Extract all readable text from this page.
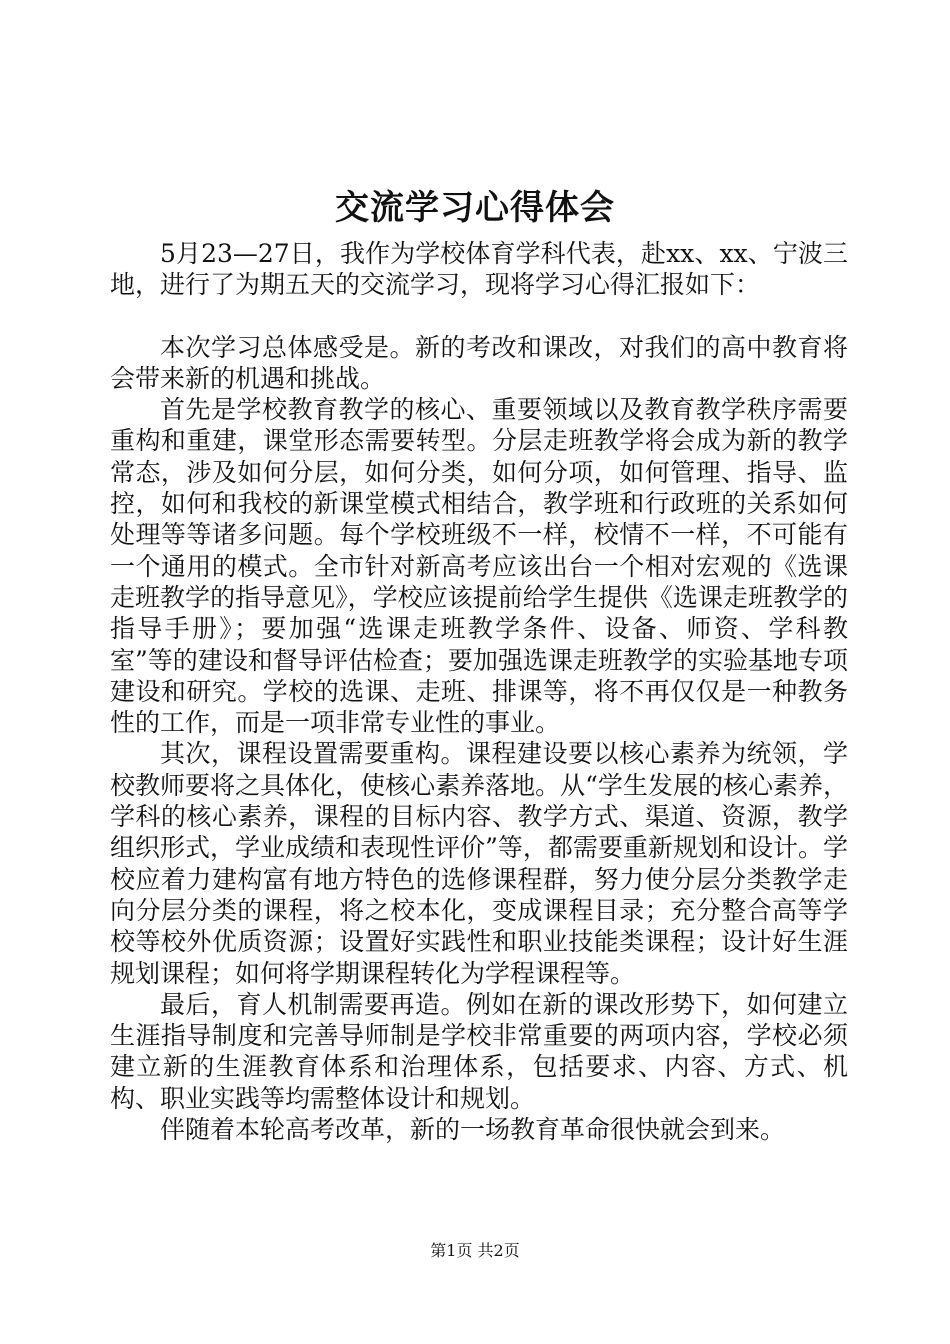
交流学习心得体会

5月23—27日，我作为学校体育学科代表，赴xx、xx、宁波三地，进行了为期五天的交流学习，现将学习心得汇报如下：

本次学习总体感受是。新的考改和课改，对我们的高中教育将会带来新的机遇和挑战。

首先是学校教育教学的核心、重要领域以及教育教学秩序需要重构和重建，课堂形态需要转型。分层走班教学将会成为新的教学常态，涉及如何分层，如何分类，如何分项，如何管理、指导、监控，如何和我校的新课堂模式相结合，教学班和行政班的关系如何处理等等诸多问题。每个学校班级不一样，校情不一样，不可能有一个通用的模式。全市针对新高考应该出台一个相对宏观的《选课走班教学的指导意见》，学校应该提前给学生提供《选课走班教学的指导手册》；要加强“选课走班教学条件、设备、师资、学科教室”等的建设和督导评估检查；要加强选课走班教学的实验基地专项建设和研究。学校的选课、走班、排课等，将不再仅仅是一种教务性的工作，而是一项非常专业性的事业。

其次，课程设置需要重构。课程建设要以核心素养为统领，学校教师要将之具体化，使核心素养落地。从“学生发展的核心素养，学科的核心素养，课程的目标内容、教学方式、渠道、资源，教学组织形式，学业成绩和表现性评价”等，都需要重新规划和设计。学校应着力建构富有地方特色的选修课程群，努力使分层分类教学走向分层分类的课程，将之校本化，变成课程目录；充分整合高等学校等校外优质资源；设置好实践性和职业技能类课程；设计好生涯规划课程；如何将学期课程转化为学程课程等。

最后，育人机制需要再造。例如在新的课改形势下，如何建立生涯指导制度和完善导师制是学校非常重要的两项内容，学校必须建立新的生涯教育体系和治理体系，包括要求、内容、方式、机构、职业实践等均需整体设计和规划。

伴随着本轮高考改革，新的一场教育革命很快就会到来。

第1页 共2页
